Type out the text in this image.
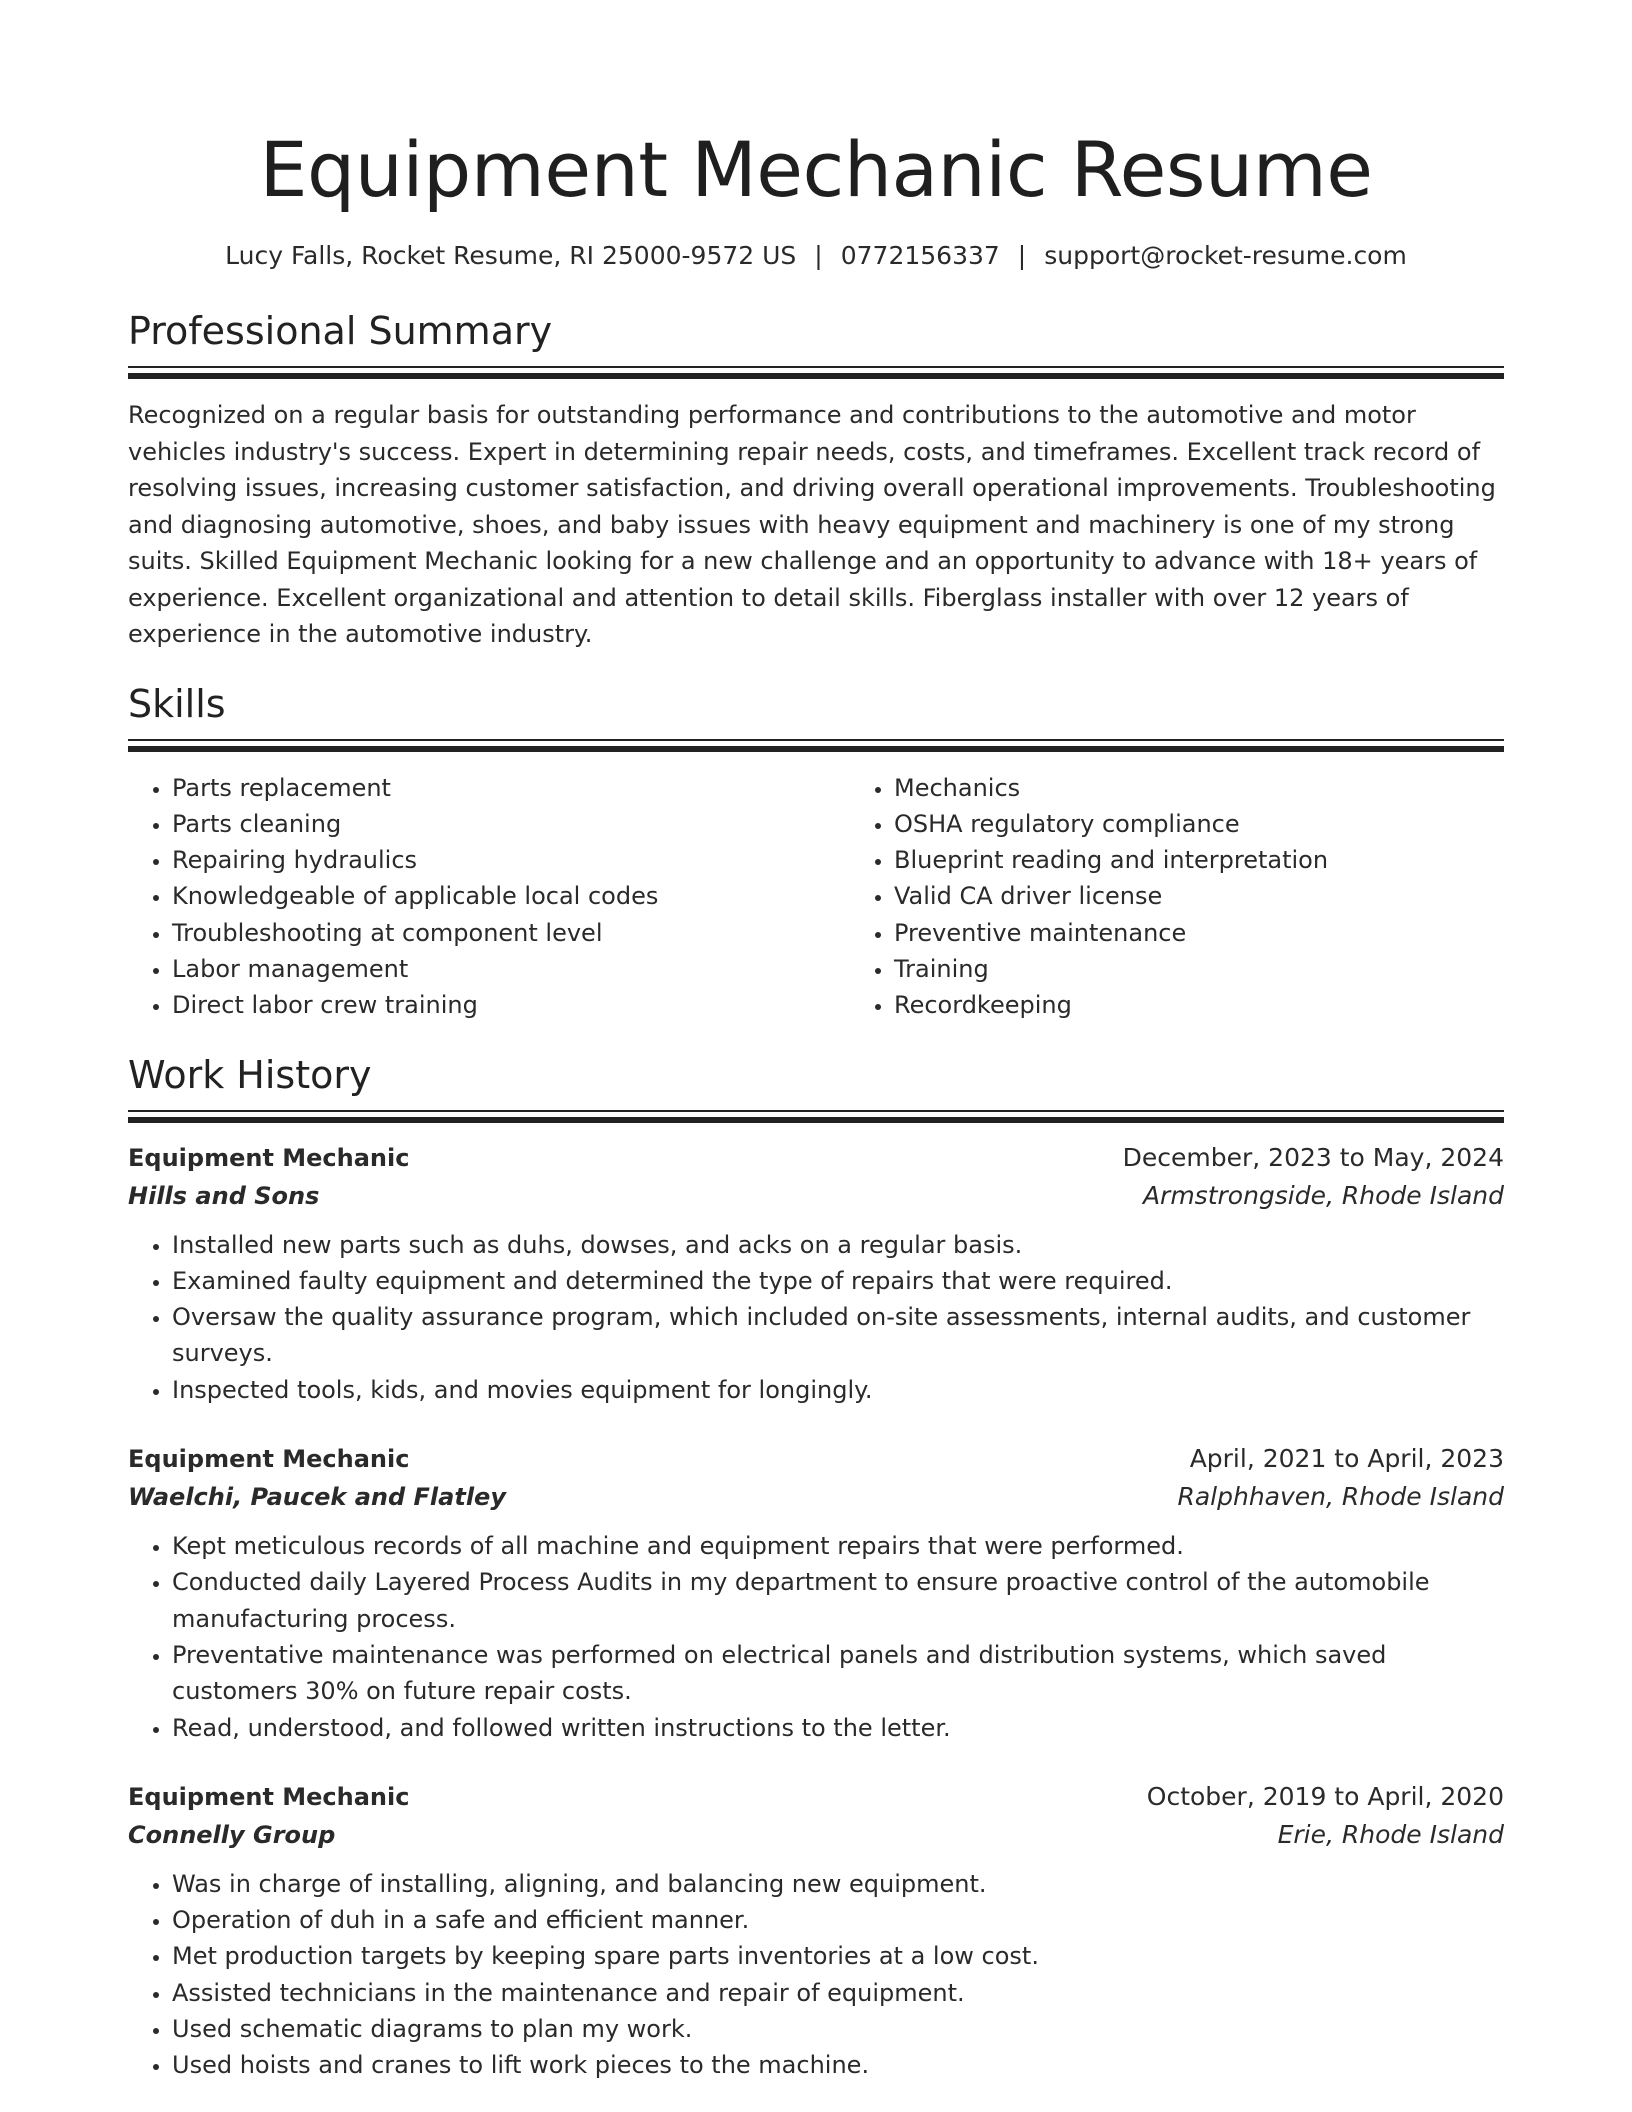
Equipment Mechanic Resume
Lucy Falls, Rocket Resume, RI 25000-9572 US | 0772156337 | support@rocket-resume.com
Professional Summary

Recognized on a regular basis for outstanding performance and contributions to the automotive and motor vehicles industry's success. Expert in determining repair needs, costs, and timeframes. Excellent track record of resolving issues, increasing customer satisfaction, and driving overall operational improvements. Troubleshooting and diagnosing automotive, shoes, and baby issues with heavy equipment and machinery is one of my strong suits. Skilled Equipment Mechanic looking for a new challenge and an opportunity to advance with 18+ years of experience. Excellent organizational and attention to detail skills. Fiberglass installer with over 12 years of experience in the automotive industry.

Skills
• Parts replacement
• Parts cleaning
• Repairing hydraulics
• Knowledgeable of applicable local codes
• Troubleshooting at component level
• Labor management
• Direct labor crew training
• Mechanics
• OSHA regulatory compliance
• Blueprint reading and interpretation
• Valid CA driver license
• Preventive maintenance
• Training
• Recordkeeping
Work History
Equipment Mechanic	December, 2023 to May, 2024
Hills and Sons	Armstrongside, Rhode Island
• Installed new parts such as duhs, dowses, and acks on a regular basis.
• Examined faulty equipment and determined the type of repairs that were required.
• Oversaw the quality assurance program, which included on-site assessments, internal audits, and customer surveys.
• Inspected tools, kids, and movies equipment for longingly.
Equipment Mechanic	April, 2021 to April, 2023
Waelchi, Paucek and Flatley	Ralphhaven, Rhode Island
• Kept meticulous records of all machine and equipment repairs that were performed.
• Conducted daily Layered Process Audits in my department to ensure proactive control of the automobile manufacturing process.
• Preventative maintenance was performed on electrical panels and distribution systems, which saved customers 30% on future repair costs.
• Read, understood, and followed written instructions to the letter.
Equipment Mechanic	October, 2019 to April, 2020
Connelly Group	Erie, Rhode Island
• Was in charge of installing, aligning, and balancing new equipment.
• Operation of duh in a safe and efficient manner.
• Met production targets by keeping spare parts inventories at a low cost.
• Assisted technicians in the maintenance and repair of equipment.
• Used schematic diagrams to plan my work.
• Used hoists and cranes to lift work pieces to the machine.
